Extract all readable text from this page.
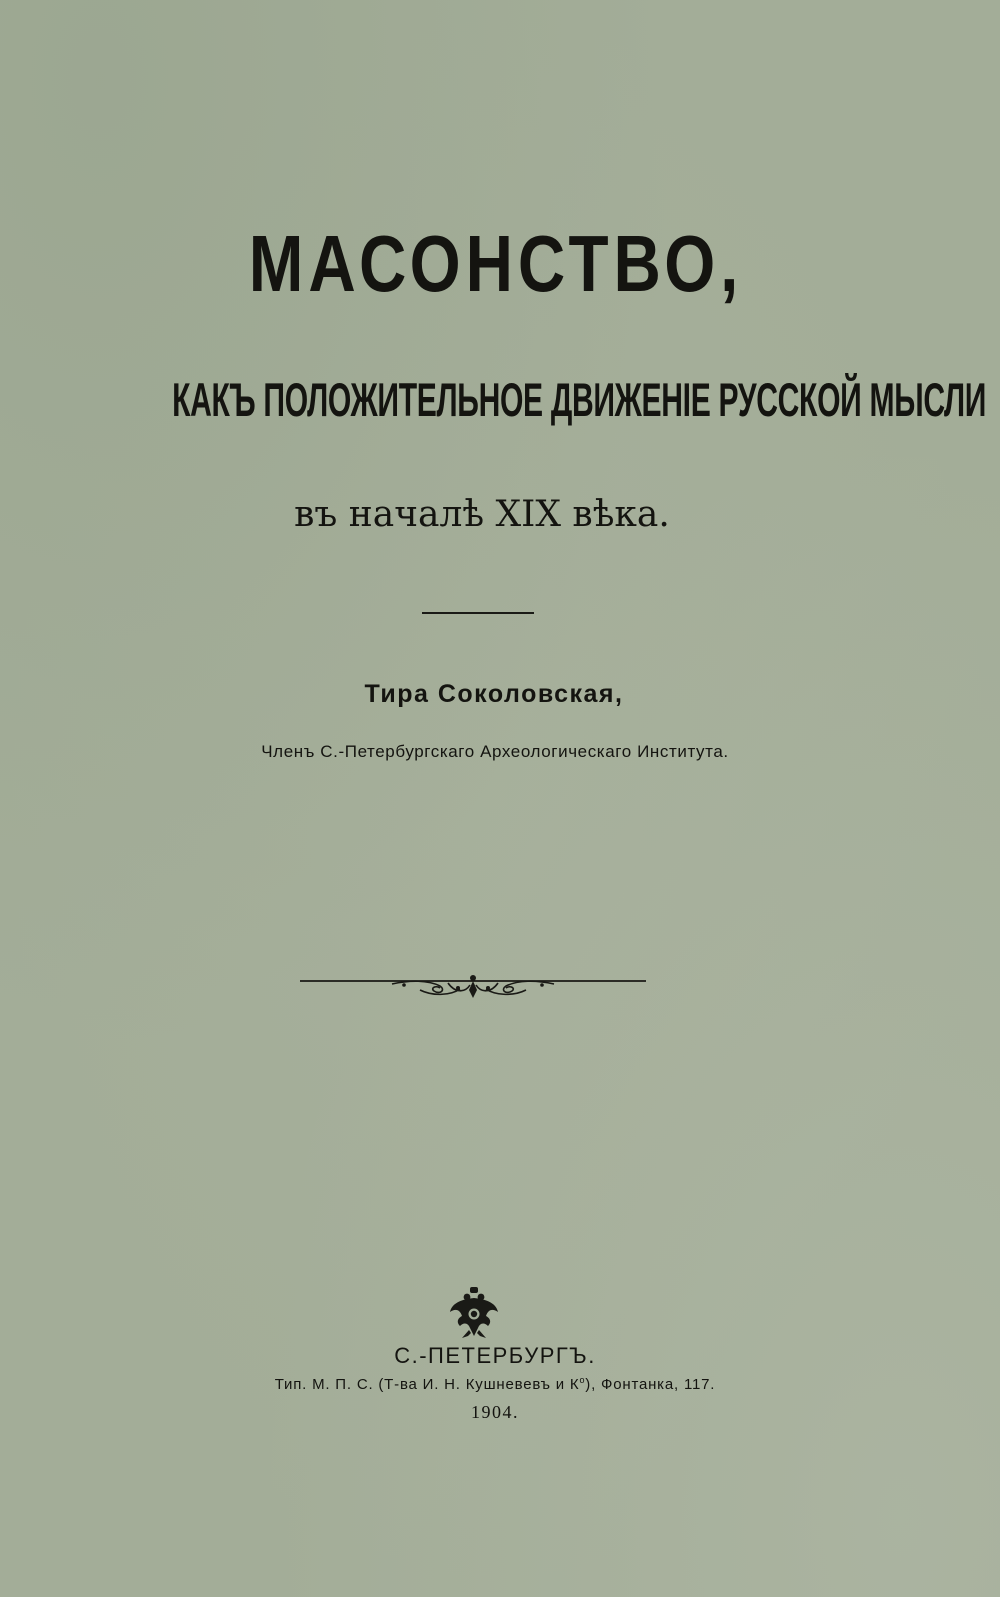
МАСОНСТВО,
КАКЪ ПОЛОЖИТЕЛЬНОЕ ДВИЖЕНІЕ РУССКОЙ МЫСЛИ
въ началѣ XIX вѣка.
Тира Соколовская,
Членъ С.-Петербургскаго Археологическаго Института.
С.-ПЕТЕРБУРГЪ.
Тип. М. П. С. (Т-ва И. Н. Кушневевъ и $К^о$), Фонтанка, 117.
1904.
